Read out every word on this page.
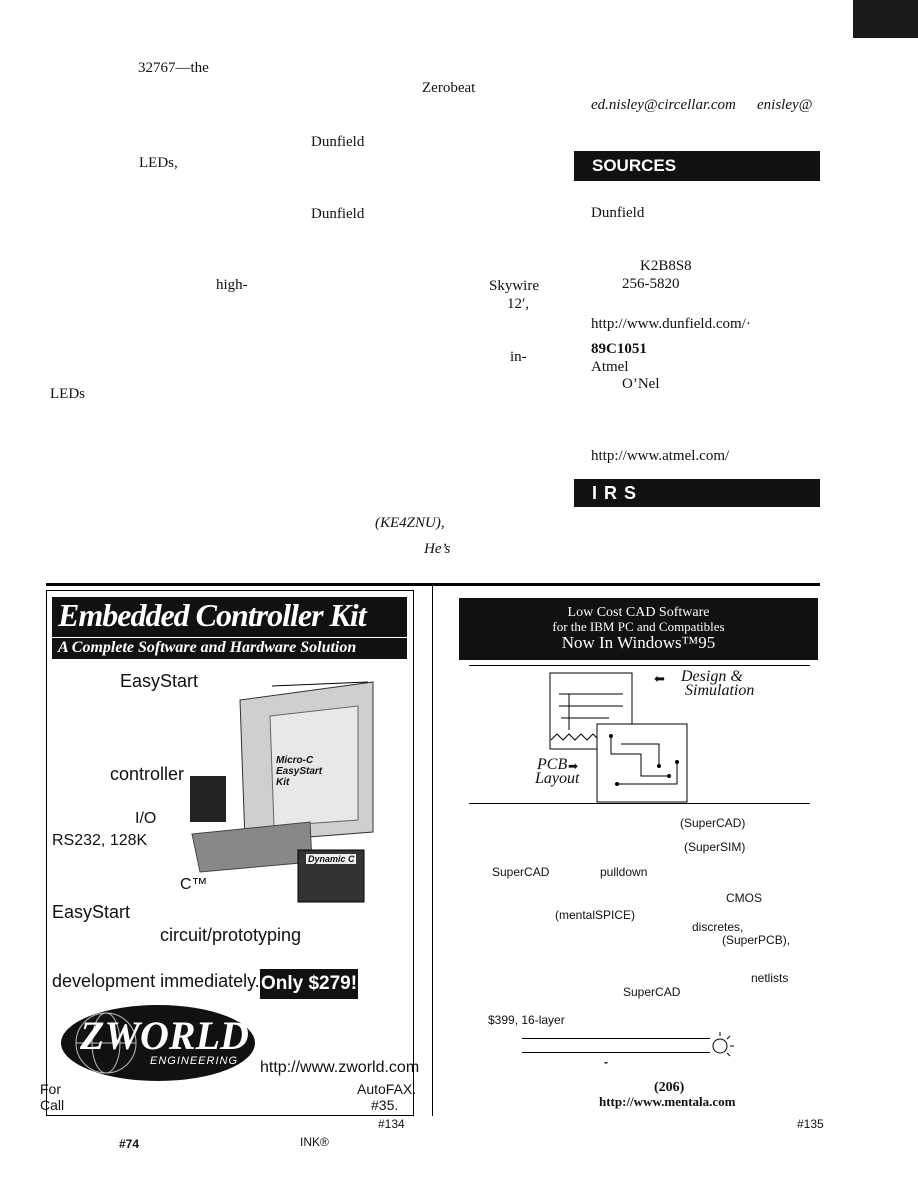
32767—the
Dunfield
LEDs,
Dunfield
high-
LEDs
Zerobeat
Skywire
12′,
in-
(KE4ZNU),
He’s
ed.nisley@circellar.com enisley@
SOURCES
Dunfield
K2B8S8
256-5820
http://www.dunfield.com/·
89C1051
Atmel
O’Nel
http://www.atmel.com/
I R S
Embedded Controller Kit
A Complete Software and Hardware Solution
EasyStart
controller
I/O
RS232, 128K
C™
EasyStart
circuit/prototyping
development immediately. Only $279!
Micro-C EasyStart Kit
Dynamic C
ZWORLD
ENGINEERING http://www.zworld.com
For
Call
AutoFAX.
#35.
Low Cost CAD Software
for the IBM PC and Compatibles
Now In Windows™95
⬅ Design &
Simulation
PCB ➡
Layout
(SuperCAD)
(SuperSIM)
SuperCAD	pulldown
CMOS
(mentalSPICE)
discretes,
(SuperPCB),
netlists
SuperCAD
$399, 16-layer
-
(206)
http://www.mentala.com
#134	#135
#74	INK®
